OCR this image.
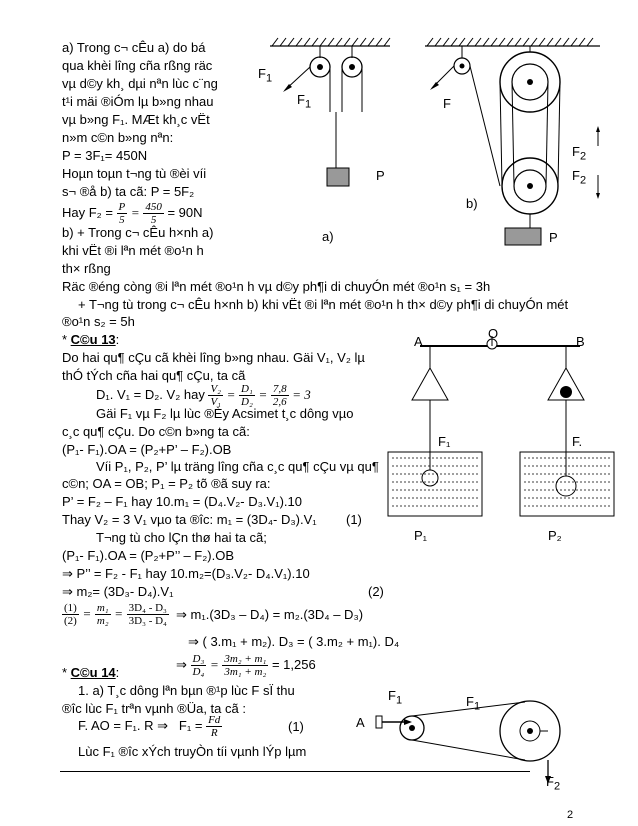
a) Trong c¬ cÊu a) do bá
qua khèi lîng cña rßng räc
vµ d©y kh¸ dµi nªn lùc c¨ng
t¹i mäi ®iÓm lµ b»ng nhau
vµ b»ng F₁. MÆt kh¸c vËt
n»m c©n b»ng nªn:
P = 3F₁= 450N
Hoµn toµn t¬ng tù ®èi víi
s¬ ®å b) ta cã: P = 5F₂
Hay $F_2 = \frac{P}{5} = \frac{450}{5} = 90N$
b) + Trong c¬ cÊu h×nh a)
khi vËt ®i lªn mét ®o¹n h
th× rßng
Räc ®éng còng ®i lªn mét ®o¹n h vµ d©y ph¶i di chuyÓn mét ®o¹n s₁ = 3h
+ T¬ng tù trong c¬ cÊu h×nh b) khi vËt ®i lªn mét ®o¹n h th× d©y ph¶i di chuyÓn mét
®o¹n s₂ = 5h
* C©u 13:
Do hai qu¶ cÇu cã khèi lîng b»ng nhau. Gäi V₁, V₂ lµ
thÓ tÝch cña hai qu¶ cÇu, ta cã
D₁. V₁ = D₂. V₂ hay $\frac{\text{V₂}}{\text{V₁}} = \frac{\text{D₁}}{\text{D₂}} = \frac{7,8}{2,6} = 3$
Gäi F₁ vµ F₂ lµ lùc ®Èy Acsimet t¸c dông vµo
c¸c qu¶ cÇu. Do c©n b»ng ta cã:
(P₁- F₁).OA = (P₂+P’ – F₂).OB
Víi P₁, P₂, P’ lµ träng lîng cña c¸c qu¶ cÇu vµ qu¶
c©n; OA = OB; P₁ = P₂ tõ ®ã suy ra:
P’ = F₂ – F₁ hay 10.m₁ = (D₄.V₂- D₃.V₁).10
Thay V₂ = 3 V₁ vµo ta ®îc: m₁ = (3D₄- D₃).V₁ (1)
T¬ng tù cho lÇn thø hai ta cã;
(P₁- F₁).OA = (P₂+P’’ – F₂).OB
⇒ P’’ = F₂ - F₁ hay 10.m₂=(D₃.V₂- D₄.V₁).10
⇒ m₂= (3D₃- D₄).V₁	(2)
$\frac{(1)}{(2)} = \frac{\text{m₁}}{\text{m₂}} = \frac{\text{3D₄ - D₃}}{\text{3D₃ - D₄}}$ ⇒ m₁.(3D₃ – D₄) = m₂.(3D₄ – D₃)
⇒ ( 3.m₁ + m₂). D₃ = ( 3.m₂ + m₁). D₄
⇒ $\frac{\text{D₃}}{\text{D₄}} = \frac{\text{3m₂ + m₁}}{\text{3m₁ + m₂}} = 1,256$
* C©u 14:
1. a) T¸c dông lªn bµn ®¹p lùc F sÏ thu
®îc lùc F₁ trªn vµnh ®Üa, ta cã :
F. AO = F₁. R ⇒ $F_1 = \frac{Fd}{R}$	(1)
Lùc F₁ ®îc xÝch truyÒn tíi vµnh lÝp lµm
2
$F_1$
$F_1$
P
a)
F
$F_2$
$F_2$
b)
P
A
O
B
F₁	F.
P₁	P₂
$F_1$	$F_1$
A
$F_2$
